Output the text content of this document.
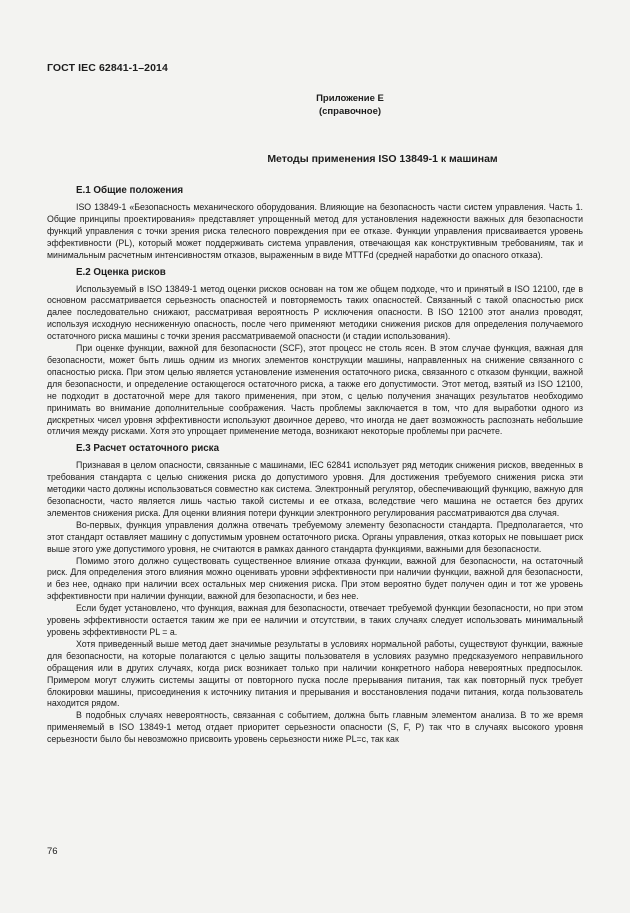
ГОСТ IEC 62841-1–2014
Приложение Е
(справочное)
Методы применения ISO 13849-1 к машинам
Е.1 Общие положения

ISO 13849-1 «Безопасность механического оборудования. Влияющие на безопасность части систем управления. Часть 1. Общие принципы проектирования» представляет упрощенный метод для установления надежности важных для безопасности функций управления с точки зрения риска телесного повреждения при ее отказе. Функции управления присваивается уровень эффективности (PL), который может поддерживать система управления, отвечающая как конструктивным требованиям, так и минимальным расчетным интенсивностям отказов, выраженным в виде MTTFd (средней наработки до опасного отказа).

Е.2 Оценка рисков

Используемый в ISO 13849-1 метод оценки рисков основан на том же общем подходе, что и принятый в ISO 12100, где в основном рассматривается серьезность опасностей и повторяемость таких опасностей. Связанный с такой опасностью риск далее последовательно снижают, рассматривая вероятность P исключения опасности. В ISO 12100 этот анализ проводят, используя исходную несниженную опасность, после чего применяют методики снижения рисков для определения получаемого остаточного риска машины с точки зрения рассматриваемой опасности (и стадии использования).

При оценке функции, важной для безопасности (SCF), этот процесс не столь ясен. В этом случае функция, важная для безопасности, может быть лишь одним из многих элементов конструкции машины, направленных на снижение связанного с опасностью риска. При этом целью является установление изменения остаточного риска, связанного с отказом функции, важной для безопасности, и определение остающегося остаточного риска, а также его допустимости. Этот метод, взятый из ISO 12100, не подходит в достаточной мере для такого применения, при этом, с целью получения значащих результатов необходимо принимать во внимание дополнительные соображения. Часть проблемы заключается в том, что для выработки одного из дискретных чисел уровня эффективности используют двоичное дерево, что иногда не дает возможность распознать небольшие отличия между рисками. Хотя это упрощает применение метода, возникают некоторые проблемы при расчете.

Е.3 Расчет остаточного риска

Признавая в целом опасности, связанные с машинами, IEC 62841 использует ряд методик снижения рисков, введенных в требования стандарта с целью снижения риска до допустимого уровня. Для достижения требуемого снижения риска эти методики часто должны использоваться совместно как система. Электронный регулятор, обеспечивающий функцию, важную для безопасности, часто является лишь частью такой системы и ее отказа, вследствие чего машина не остается без других элементов снижения риска. Для оценки влияния потери функции электронного регулирования рассматриваются два случая.

Во-первых, функция управления должна отвечать требуемому элементу безопасности стандарта. Предполагается, что этот стандарт оставляет машину с допустимым уровнем остаточного риска. Органы управления, отказ которых не повышает риск выше этого уже допустимого уровня, не считаются в рамках данного стандарта функциями, важными для безопасности.

Помимо этого должно существовать существенное влияние отказа функции, важной для безопасности, на остаточный риск. Для определения этого влияния можно оценивать уровни эффективности при наличии функции, важной для безопасности, и без нее, однако при наличии всех остальных мер снижения риска. При этом вероятно будет получен один и тот же уровень эффективности при наличии функции, важной для безопасности, и без нее.

Если будет установлено, что функция, важная для безопасности, отвечает требуемой функции безопасности, но при этом уровень эффективности остается таким же при ее наличии и отсутствии, в таких случаях следует использовать минимальный уровень эффективности PL = a.

Хотя приведенный выше метод дает значимые результаты в условиях нормальной работы, существуют функции, важные для безопасности, на которые полагаются с целью защиты пользователя в условиях разумно предсказуемого неправильного обращения или в других случаях, когда риск возникает только при наличии конкретного набора невероятных предпосылок. Примером могут служить системы защиты от повторного пуска после прерывания питания, так как повторный пуск требует блокировки машины, присоединения к источнику питания и прерывания и восстановления подачи питания, когда пользователь находится рядом.

В подобных случаях невероятность, связанная с событием, должна быть главным элементом анализа. В то же время применяемый в ISO 13849-1 метод отдает приоритет серьезности опасности (S, F, P) так что в случаях высокого уровня серьезности было бы невозможно присвоить уровень серьезности ниже PL=c, так как

76
